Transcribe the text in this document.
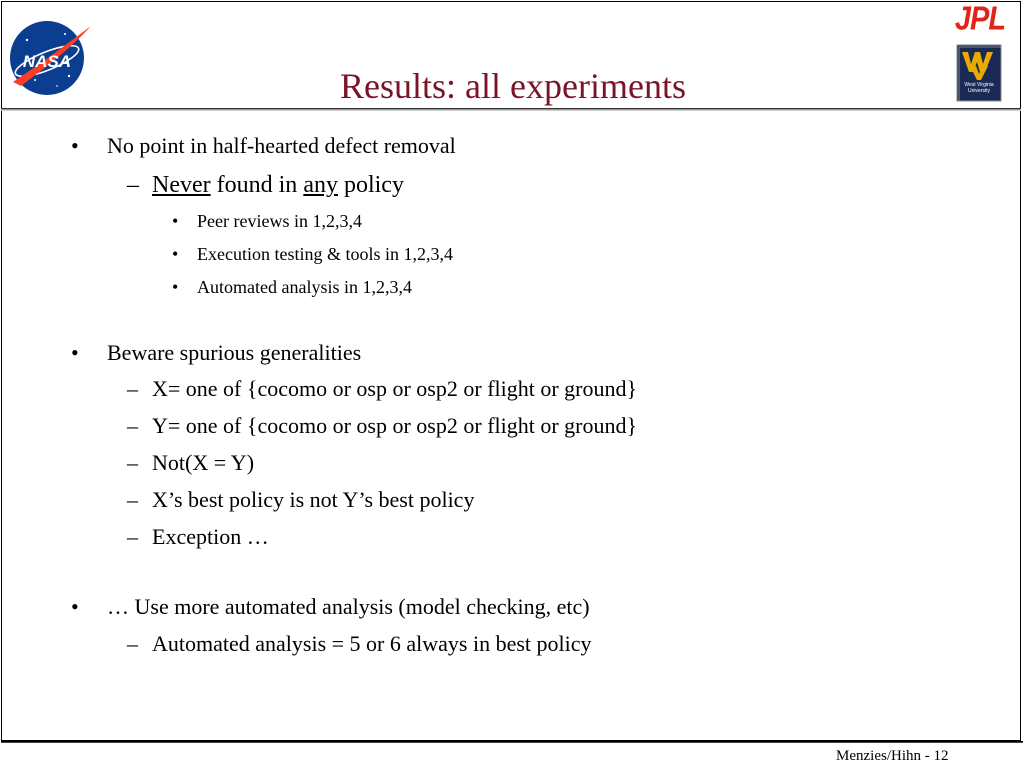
NASA
JPL
West Virginia University
Results: all experiments
• No point in half-hearted defect removal
– Never found in any policy
• Peer reviews in 1,2,3,4
• Execution testing & tools in 1,2,3,4
• Automated analysis in 1,2,3,4
• Beware spurious generalities
– X= one of {cocomo or osp or osp2 or flight or ground}
– Y= one of {cocomo or osp or osp2 or flight or ground}
– Not(X = Y)
– X’s best policy is not Y’s best policy
– Exception …
• … Use more automated analysis (model checking, etc)
– Automated analysis = 5 or 6 always in best policy
Menzies/Hihn - 12
